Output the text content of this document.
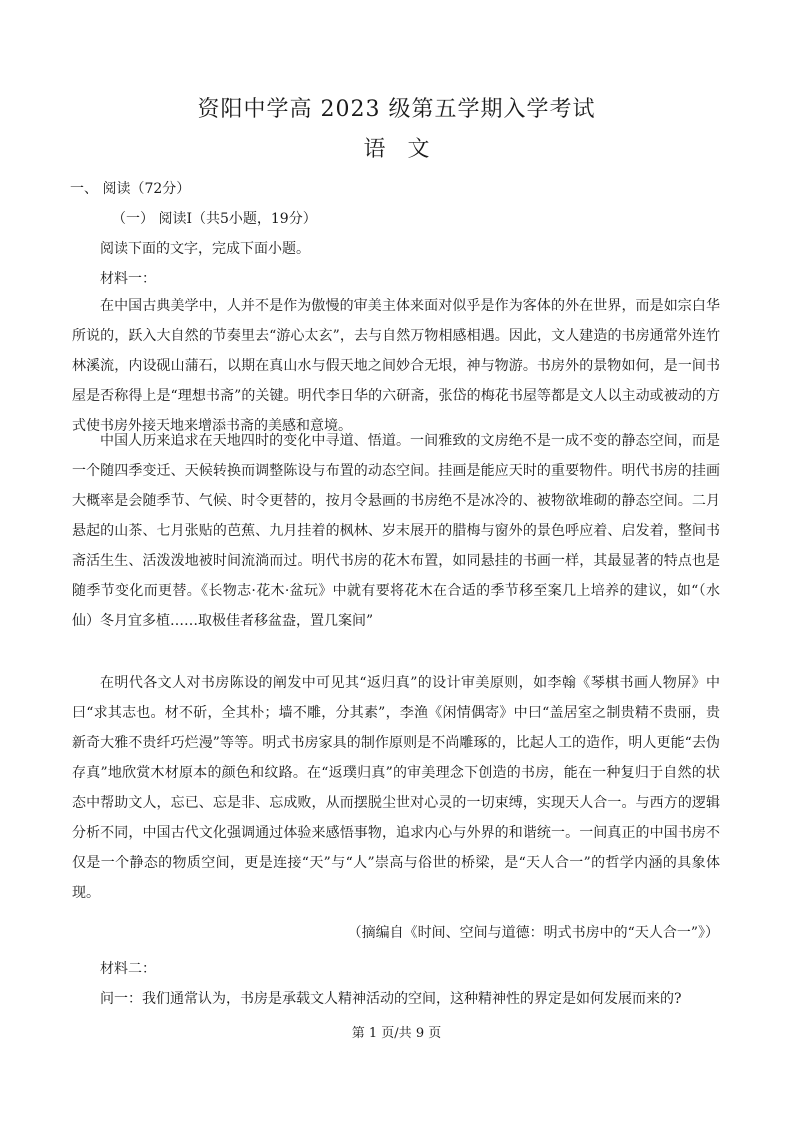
资阳中学高 2023 级第五学期入学考试
语文
一、 阅读（72分）
（一） 阅读Ⅰ（共5小题，19分）
阅读下面的文字，完成下面小题。
材料一：

在中国古典美学中，人并不是作为傲慢的审美主体来面对似乎是作为客体的外在世界，而是如宗白华所说的，跃入大自然的节奏里去“游心太玄”，去与自然万物相感相遇。因此，文人建造的书房通常外连竹林溪流，内设砚山蒲石，以期在真山水与假天地之间妙合无垠，神与物游。书房外的景物如何，是一间书屋是否称得上是“理想书斋”的关键。明代李日华的六研斋，张岱的梅花书屋等都是文人以主动或被动的方式使书房外接天地来增添书斋的美感和意境。

中国人历来追求在天地四时的变化中寻道、悟道。一间雅致的文房绝不是一成不变的静态空间，而是一个随四季变迁、天候转换而调整陈设与布置的动态空间。挂画是能应天时的重要物件。明代书房的挂画大概率是会随季节、气候、时令更替的，按月令悬画的书房绝不是冰冷的、被物欲堆砌的静态空间。二月悬起的山茶、七月张贴的芭蕉、九月挂着的枫林、岁末展开的腊梅与窗外的景色呼应着、启发着，整间书斋活生生、活泼泼地被时间流淌而过。明代书房的花木布置，如同悬挂的书画一样，其最显著的特点也是随季节变化而更替。《长物志·花木·盆玩》中就有要将花木在合适的季节移至案几上培养的建议，如“（水仙）冬月宜多植……取极佳者移盆盎，置几案间”

在明代各文人对书房陈设的阐发中可见其“返归真”的设计审美原则，如李翰《琴棋书画人物屏》中曰“求其志也。材不斫，全其朴；墙不雕，分其素”，李渔《闲情偶寄》中曰“盖居室之制贵精不贵丽，贵新奇大雅不贵纤巧烂漫”等等。明式书房家具的制作原则是不尚雕琢的，比起人工的造作，明人更能“去伪存真”地欣赏木材原本的颜色和纹路。在“返璞归真”的审美理念下创造的书房，能在一种复归于自然的状态中帮助文人，忘已、忘是非、忘成败，从而摆脱尘世对心灵的一切束缚，实现天人合一。与西方的逻辑分析不同，中国古代文化强调通过体验来感悟事物，追求内心与外界的和谐统一。一间真正的中国书房不仅是一个静态的物质空间，更是连接“天”与“人”崇高与俗世的桥梁，是“天人合一”的哲学内涵的具象体现。

（摘编自《时间、空间与道德：明式书房中的“天人合一”》）
材料二：
问一：我们通常认为，书房是承载文人精神活动的空间，这种精神性的界定是如何发展而来的?
第 1 页/共 9 页
